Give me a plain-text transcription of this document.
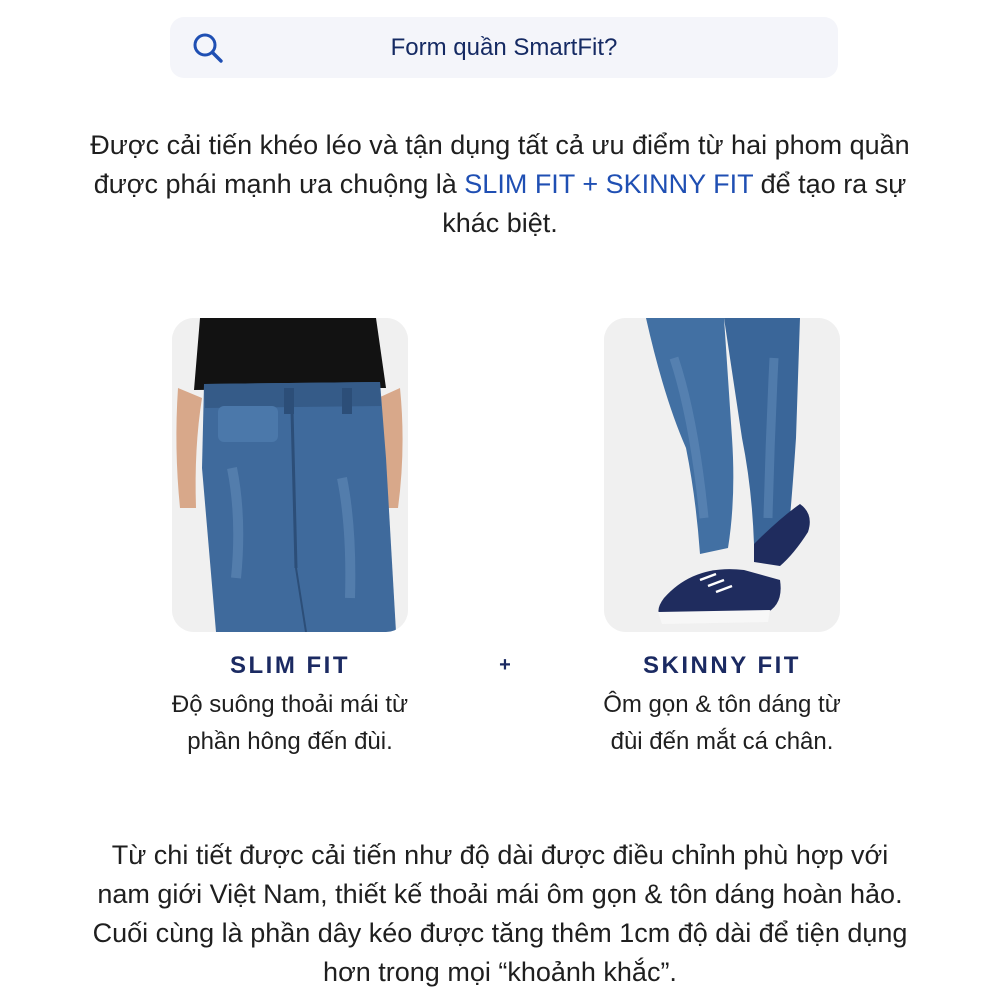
Form quần SmartFit?
Được cải tiến khéo léo và tận dụng tất cả ưu điểm từ hai phom quần được phái mạnh ưa chuộng là SLIM FIT + SKINNY FIT để tạo ra sự khác biệt.
SLIM FIT	+	SKINNY FIT
Độ suông thoải mái từ
phần hông đến đùi.
Ôm gọn & tôn dáng từ
đùi đến mắt cá chân.
Từ chi tiết được cải tiến như độ dài được điều chỉnh phù hợp với nam giới Việt Nam, thiết kế thoải mái ôm gọn & tôn dáng hoàn hảo. Cuối cùng là phần dây kéo được tăng thêm 1cm độ dài để tiện dụng hơn trong mọi “khoảnh khắc”.
